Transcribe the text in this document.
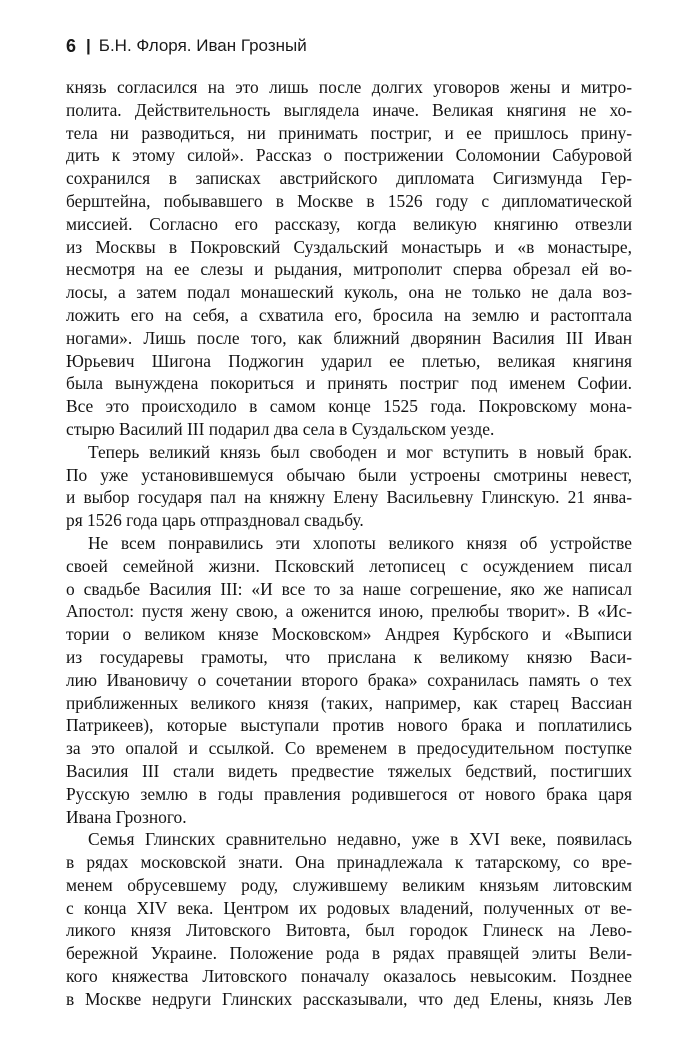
6 | Б.Н. Флоря. Иван Грозный
князь согласился на это лишь после долгих уговоров жены и митро-
полита. Действительность выглядела иначе. Великая княгиня не хо-
тела ни разводиться, ни принимать постриг, и ее пришлось прину-
дить к этому силой». Рассказ о пострижении Соломонии Сабуровой
сохранился в записках австрийского дипломата Сигизмунда Гер-
берштейна, побывавшего в Москве в 1526 году с дипломатической
миссией. Согласно его рассказу, когда великую княгиню отвезли
из Москвы в Покровский Суздальский монастырь и «в монастыре,
несмотря на ее слезы и рыдания, митрополит сперва обрезал ей во-
лосы, а затем подал монашеский куколь, она не только не дала воз-
ложить его на себя, а схватила его, бросила на землю и растоптала
ногами». Лишь после того, как ближний дворянин Василия III Иван
Юрьевич Шигона Поджогин ударил ее плетью, великая княгиня
была вынуждена покориться и принять постриг под именем Софии.
Все это происходило в самом конце 1525 года. Покровскому мона-
стырю Василий III подарил два села в Суздальском уезде.
Теперь великий князь был свободен и мог вступить в новый брак.
По уже установившемуся обычаю были устроены смотрины невест,
и выбор государя пал на княжну Елену Васильевну Глинскую. 21 янва-
ря 1526 года царь отпраздновал свадьбу.
Не всем понравились эти хлопоты великого князя об устройстве
своей семейной жизни. Псковский летописец с осуждением писал
о свадьбе Василия III: «И все то за наше согрешение, яко же написал
Апостол: пустя жену свою, а оженится иною, прелюбы творит». В «Ис-
тории о великом князе Московском» Андрея Курбского и «Выписи
из государевы грамоты, что прислана к великому князю Васи-
лию Ивановичу о сочетании второго брака» сохранилась память о тех
приближенных великого князя (таких, например, как старец Вассиан
Патрикеев), которые выступали против нового брака и поплатились
за это опалой и ссылкой. Со временем в предосудительном поступке
Василия III стали видеть предвестие тяжелых бедствий, постигших
Русскую землю в годы правления родившегося от нового брака царя
Ивана Грозного.
Семья Глинских сравнительно недавно, уже в XVI веке, появилась
в рядах московской знати. Она принадлежала к татарскому, со вре-
менем обрусевшему роду, служившему великим князьям литовским
с конца XIV века. Центром их родовых владений, полученных от ве-
ликого князя Литовского Витовта, был городок Глинеск на Лево-
бережной Украине. Положение рода в рядах правящей элиты Вели-
кого княжества Литовского поначалу оказалось невысоким. Позднее
в Москве недруги Глинских рассказывали, что дед Елены, князь Лев
